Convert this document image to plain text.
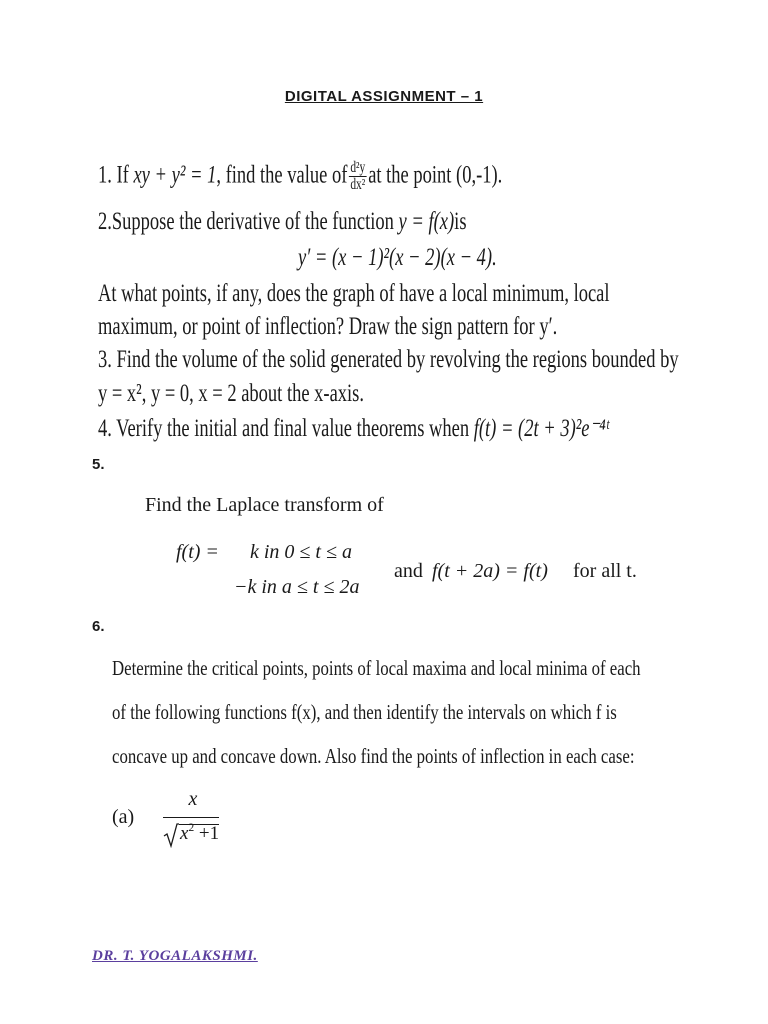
DIGITAL ASSIGNMENT – 1
1. If xy + y² = 1, find the value of $\frac{\text{d²y}}{\text{dx²}}$ at the point (0,-1).
2.Suppose the derivative of the function y = f(x)is
y′ = (x − 1)²(x − 2)(x − 4).
At what points, if any, does the graph of have a local minimum, local
maximum, or point of inflection? Draw the sign pattern for y′.
3. Find the volume of the solid generated by revolving the regions bounded by
y = x², y = 0, x = 2 about the x-axis.
4. Verify the initial and final value theorems when f(t) = (2t + 3)²e⁻⁴ᵗ
5.
Find the Laplace transform of
f(t) = k in 0 ≤ t ≤ a
−k in a ≤ t ≤ 2a
and f(t + 2a) = f(t) for all t.
6.
Determine the critical points, points of local maxima and local minima of each
of the following functions f(x), and then identify the intervals on which f is
concave up and concave down. Also find the points of inflection in each case:
(a)
x
$x^2 +1$
DR. T. YOGALAKSHMI.
